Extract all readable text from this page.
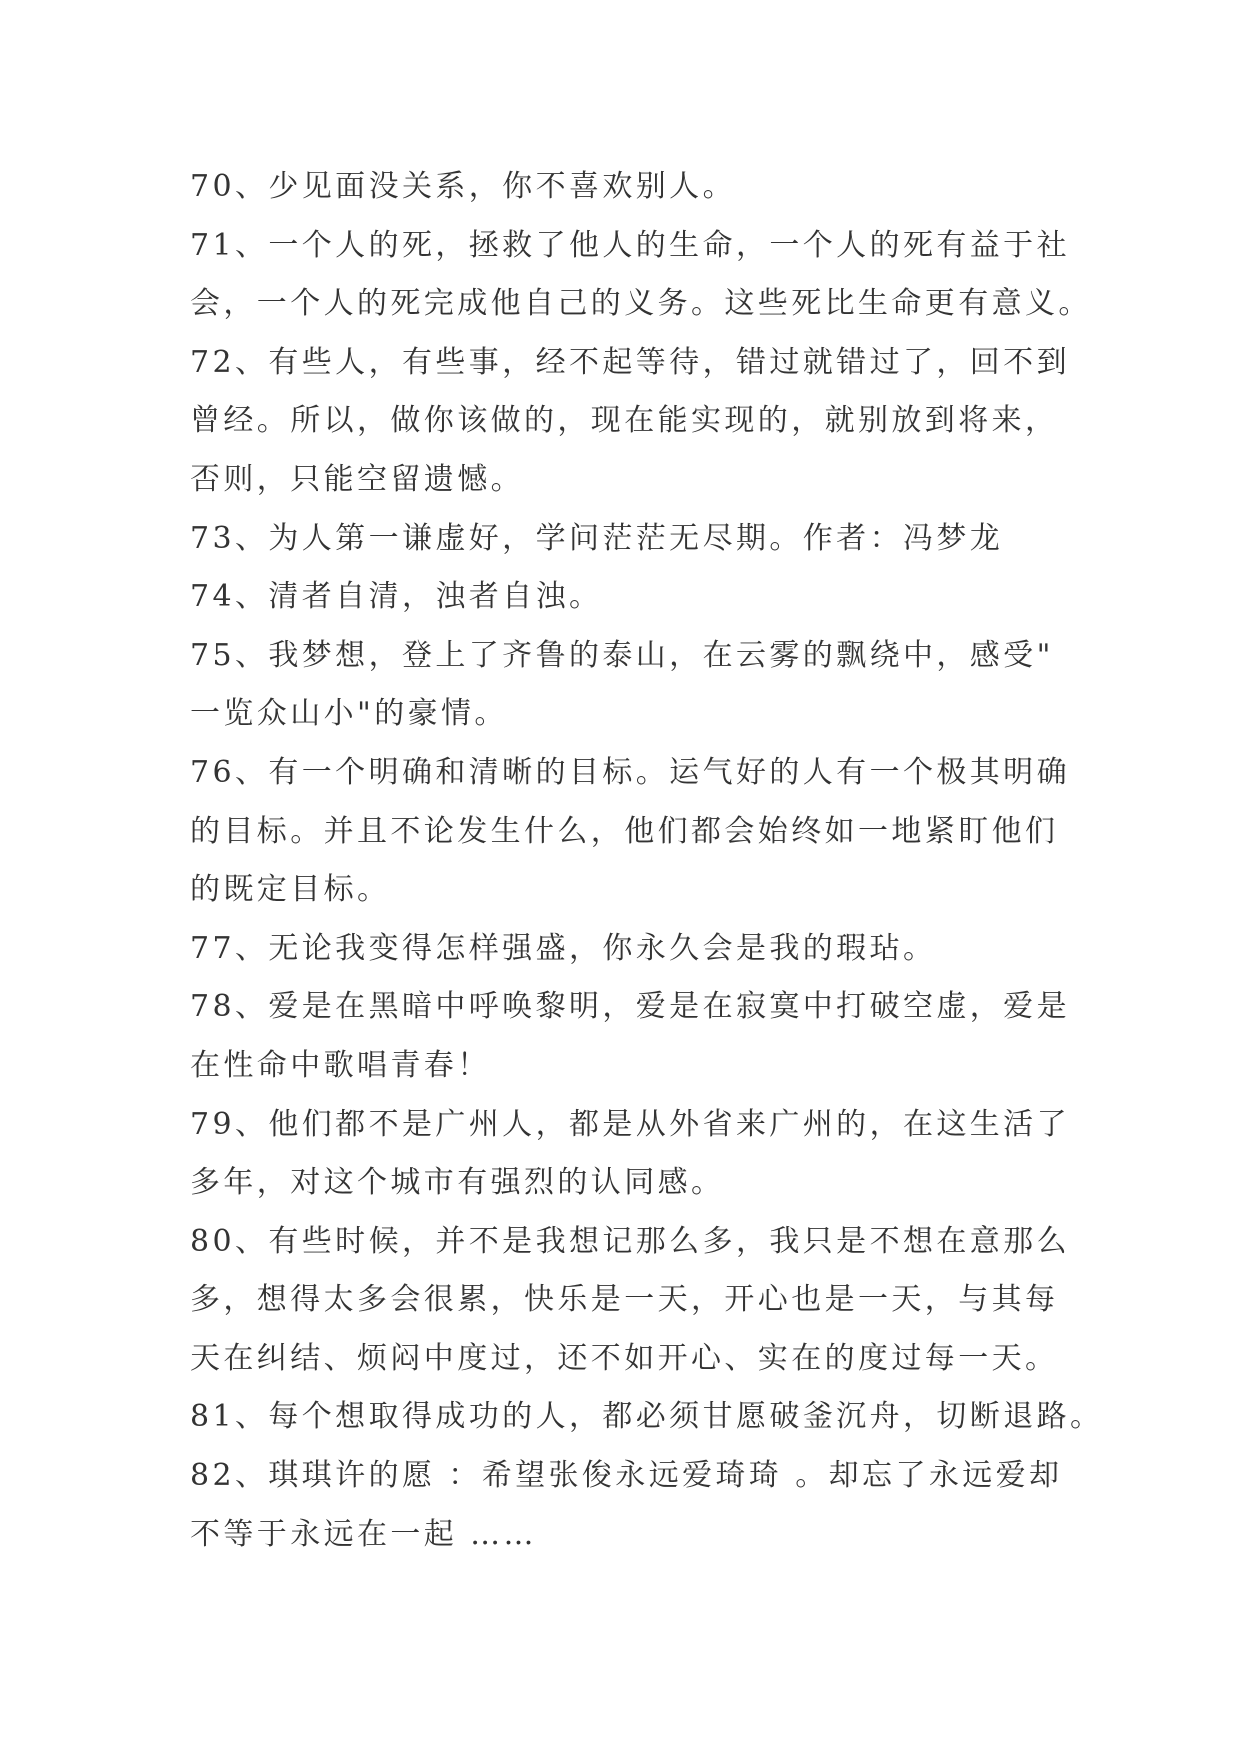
70、少见面没关系，你不喜欢别人。
71、一个人的死，拯救了他人的生命，一个人的死有益于社
会，一个人的死完成他自己的义务。这些死比生命更有意义。
72、有些人，有些事，经不起等待，错过就错过了，回不到
曾经。所以，做你该做的，现在能实现的，就别放到将来，
否则，只能空留遗憾。
73、为人第一谦虚好，学问茫茫无尽期。作者：冯梦龙
74、清者自清，浊者自浊。
75、我梦想，登上了齐鲁的泰山，在云雾的飘绕中，感受"
一览众山小"的豪情。
76、有一个明确和清晰的目标。运气好的人有一个极其明确
的目标。并且不论发生什么，他们都会始终如一地紧盯他们
的既定目标。
77、无论我变得怎样强盛，你永久会是我的瑕玷。
78、爱是在黑暗中呼唤黎明，爱是在寂寞中打破空虚，爱是
在性命中歌唱青春！
79、他们都不是广州人，都是从外省来广州的，在这生活了
多年，对这个城市有强烈的认同感。
80、有些时候，并不是我想记那么多，我只是不想在意那么
多，想得太多会很累，快乐是一天，开心也是一天，与其每
天在纠结、烦闷中度过，还不如开心、实在的度过每一天。
81、每个想取得成功的人，都必须甘愿破釜沉舟，切断退路。
82、琪琪许的愿 ：希望张俊永远爱琦琦 。却忘了永远爱却
不等于永远在一起 ……
